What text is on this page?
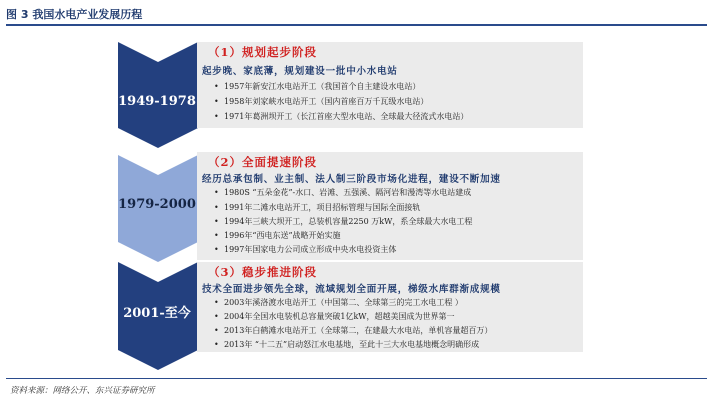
图 3 我国水电产业发展历程
1949-1978
1979-2000
2001-至今
（1）规划起步阶段
起步晚、家底薄，规划建设一批中小水电站
• 1957年新安江水电站开工（我国首个自主建设水电站）
• 1958年刘家峡水电站开工（国内首座百万千瓦级水电站）
• 1971年葛洲坝开工（长江首座大型水电站、全球最大径流式水电站）
（2）全面提速阶段
经历总承包制、业主制、法人制三阶段市场化进程，建设不断加速
• 1980S “五朵金花”-水口、岩滩、五强溪、隔河岩和漫湾等水电站建成
• 1991年二滩水电站开工，项目招标管理与国际全面接轨
• 1994年三峡大坝开工，总装机容量2250 万kW，系全球最大水电工程
• 1996年“西电东送”战略开始实施
• 1997年国家电力公司成立形成中央水电投资主体
（3）稳步推进阶段
技术全面进步领先全球，流域规划全面开展，梯级水库群渐成规模
• 2003年溪洛渡水电站开工（中国第二、全球第三的完工水电工程 ）
• 2004年全国水电装机总容量突破1亿kW，超越美国成为世界第一
• 2013年白鹤滩水电站开工（全球第二，在建最大水电站，单机容量超百万）
• 2013年 “十二五”启动怒江水电基地，至此十三大水电基地概念明确形成
资料来源：网络公开、东兴证券研究所
